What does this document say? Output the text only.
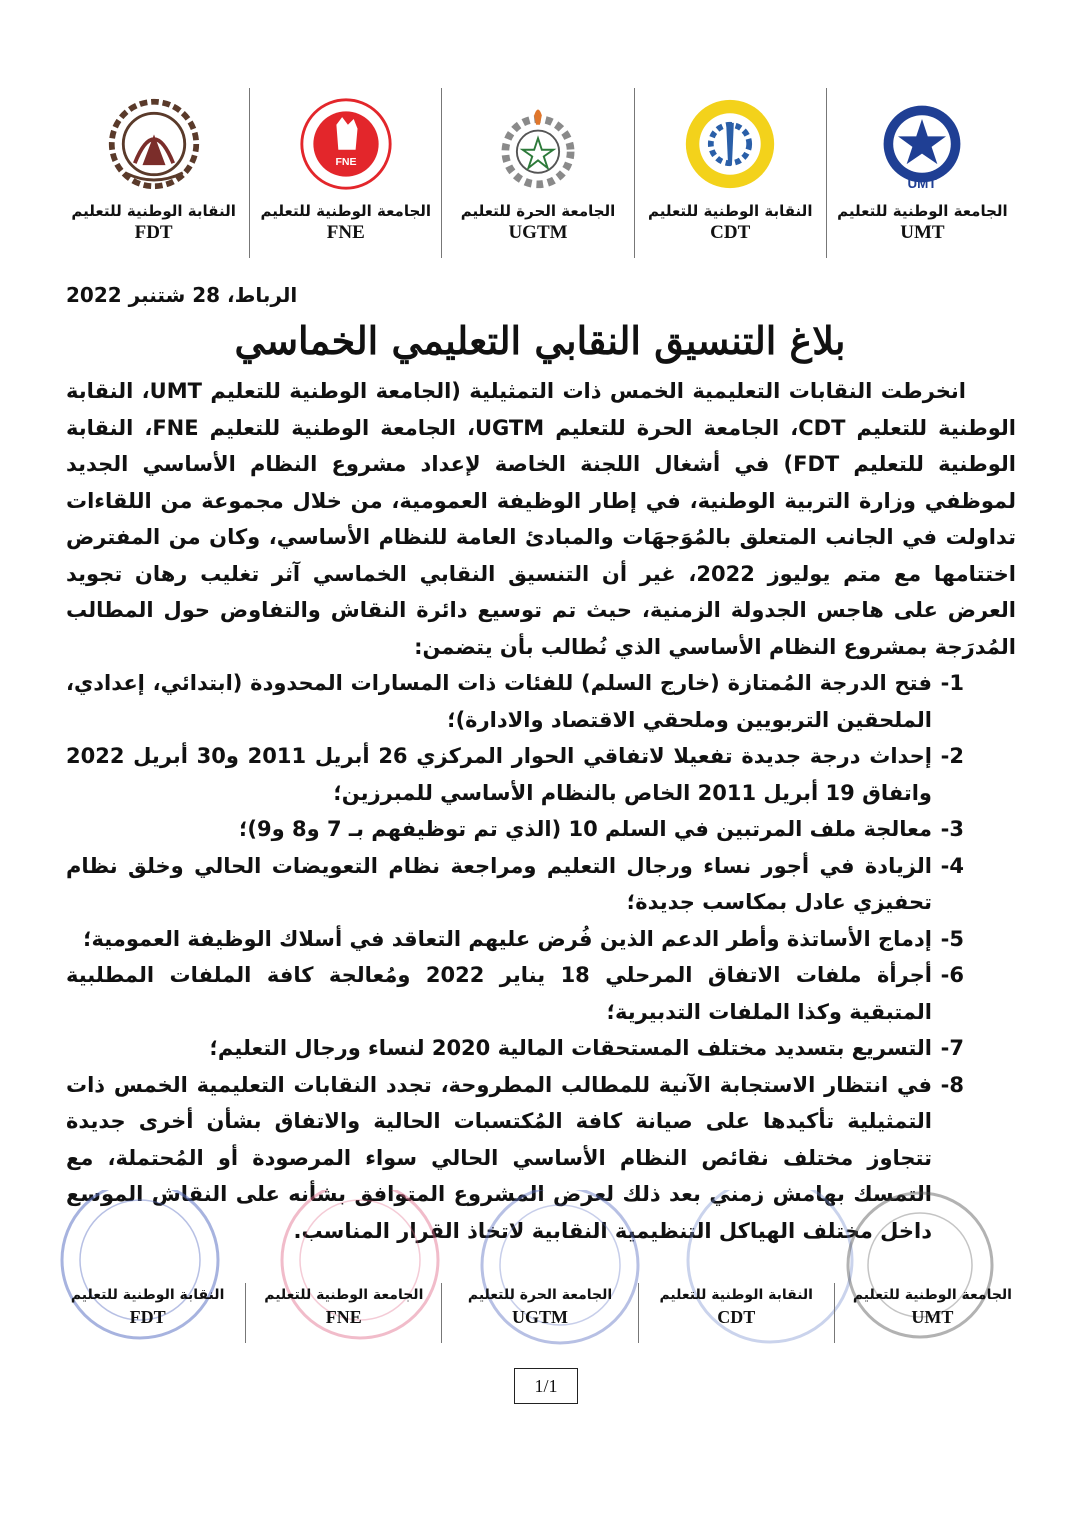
النقابة الوطنية للتعليم
FDT
FNE
الجامعة الوطنية للتعليم
FNE
الجامعة الحرة للتعليم
UGTM
النقابة الوطنية للتعليم
CDT
UMT
الجامعة الوطنية للتعليم
UMT
الرباط، 28 شتنبر 2022
بلاغ التنسيق النقابي التعليمي الخماسي

انخرطت النقابات التعليمية الخمس ذات التمثيلية (الجامعة الوطنية للتعليم UMT، النقابة الوطنية للتعليم CDT، الجامعة الحرة للتعليم UGTM، الجامعة الوطنية للتعليم FNE، النقابة الوطنية للتعليم FDT) في أشغال اللجنة الخاصة لإعداد مشروع النظام الأساسي الجديد لموظفي وزارة التربية الوطنية، في إطار الوظيفة العمومية، من خلال مجموعة من اللقاءات تداولت في الجانب المتعلق بالمُوَجهَات والمبادئ العامة للنظام الأساسي، وكان من المفترض اختتامها مع متم يوليوز 2022، غير أن التنسيق النقابي الخماسي آثر تغليب رهان تجويد العرض على هاجس الجدولة الزمنية، حيث تم توسيع دائرة النقاش والتفاوض حول المطالب المُدرَجة بمشروع النظام الأساسي الذي نُطالب بأن يتضمن:

1-
فتح الدرجة المُمتازة (خارج السلم) للفئات ذات المسارات المحدودة (ابتدائي، إعدادي، الملحقين التربويين وملحقي الاقتصاد والادارة)؛
2-
إحداث درجة جديدة تفعيلا لاتفاقي الحوار المركزي 26 أبريل 2011 و30 أبريل 2022 واتفاق 19 أبريل 2011 الخاص بالنظام الأساسي للمبرزين؛
3-
معالجة ملف المرتبين في السلم 10 (الذي تم توظيفهم بـ 7 و8 و9)؛
4-
الزيادة في أجور نساء ورجال التعليم ومراجعة نظام التعويضات الحالي وخلق نظام تحفيزي عادل بمكاسب جديدة؛
5-
إدماج الأساتذة وأطر الدعم الذين فُرض عليهم التعاقد في أسلاك الوظيفة العمومية؛
6-
أجرأة ملفات الاتفاق المرحلي 18 يناير 2022 ومُعالجة كافة الملفات المطلبية المتبقية وكذا الملفات التدبيرية؛
7-
التسريع بتسديد مختلف المستحقات المالية 2020 لنساء ورجال التعليم؛
8-
في انتظار الاستجابة الآنية للمطالب المطروحة، تجدد النقابات التعليمية الخمس ذات التمثيلية تأكيدها على صيانة كافة المُكتسبات الحالية والاتفاق بشأن أخرى جديدة تتجاوز مختلف نقائص النظام الأساسي الحالي سواء المرصودة أو المُحتملة، مع التمسك بهامش زمني بعد ذلك لعرض المشروع المتوافق بشأنه على النقاش الموسع داخل مختلف الهياكل التنظيمية النقابية لاتخاذ القرار المناسب.
النقابة الوطنية للتعليم
FDT
الجامعة الوطنية للتعليم
FNE
الجامعة الحرة للتعليم
UGTM
النقابة الوطنية للتعليم
CDT
الجامعة الوطنية للتعليم
UMT
1/1
